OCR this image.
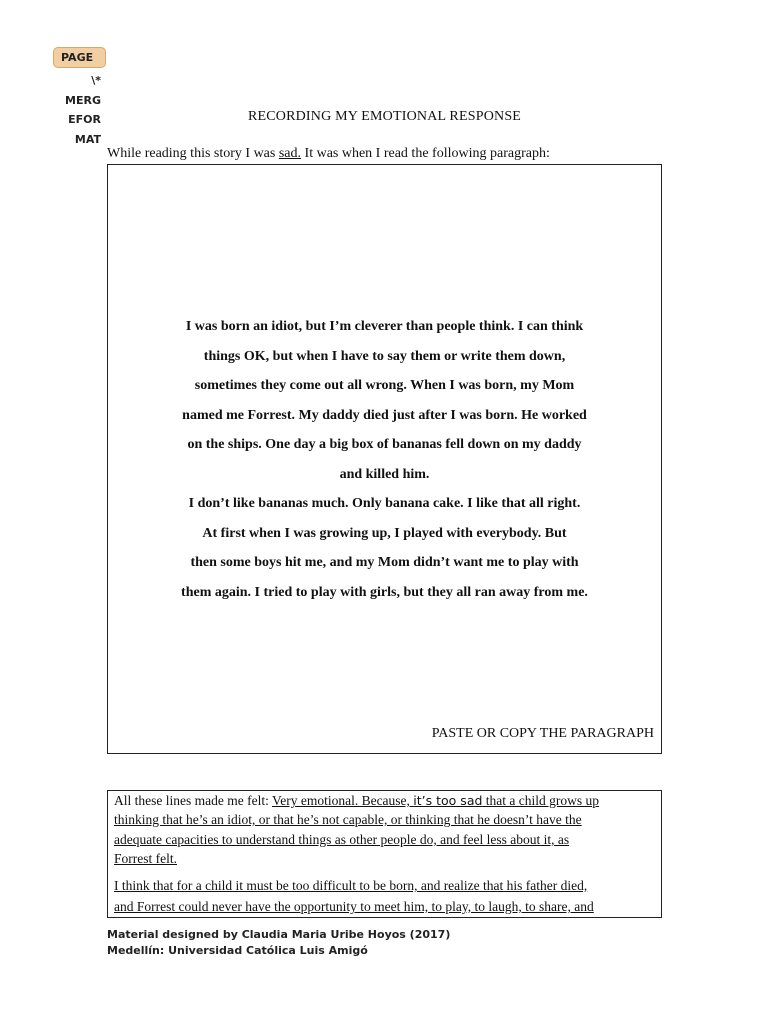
PAGE
\*
MERG
EFOR
MAT
RECORDING MY EMOTIONAL RESPONSE
While reading this story I was sad. It was when I read the following paragraph:
I was born an idiot, but I’m cleverer than people think. I can think
things OK, but when I have to say them or write them down,
sometimes they come out all wrong. When I was born, my Mom
named me Forrest. My daddy died just after I was born. He worked
on the ships. One day a big box of bananas fell down on my daddy
and killed him.
I don’t like bananas much. Only banana cake. I like that all right.
At first when I was growing up, I played with everybody. But
then some boys hit me, and my Mom didn’t want me to play with
them again. I tried to play with girls, but they all ran away from me.
PASTE OR COPY THE PARAGRAPH
All these lines made me felt: Very emotional. Because, it’s too sad that a child grows up
thinking that he’s an idiot, or that he’s not capable, or thinking that he doesn’t have the
adequate capacities to understand things as other people do, and feel less about it, as
Forrest felt.
I think that for a child it must be too difficult to be born, and realize that his father died,
and Forrest could never have the opportunity to meet him, to play, to laugh, to share, and
Material designed by Claudia Maria Uribe Hoyos (2017)
Medellín: Universidad Católica Luis Amigó
